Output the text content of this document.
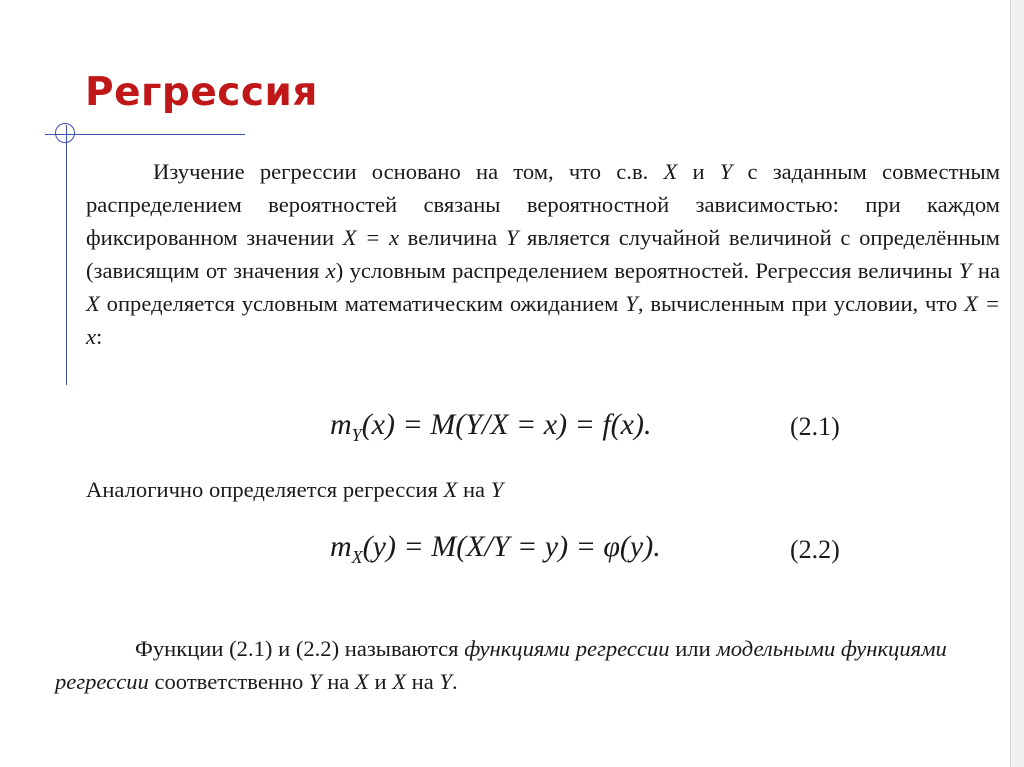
Регрессия
Изучение регрессии основано на том, что с.в. X и Y с заданным совместным распределением вероятностей связаны вероятностной зависимостью: при каждом фиксированном значении X = x величина Y является случайной величиной с определённым (зависящим от значения x) условным распределением вероятностей. Регрессия величины Y на X определяется условным математическим ожиданием Y, вычисленным при условии, что X = x:
$m_Y(x) = M(Y/X = x) = f(x)$.	(2.1)
Аналогично определяется регрессия X на Y
$m_X(y) = M(X/Y = y) = \varphi(y)$.	(2.2)
Функции (2.1) и (2.2) называются функциями регрессии или модельными функциями регрессии соответственно Y на X и X на Y.
